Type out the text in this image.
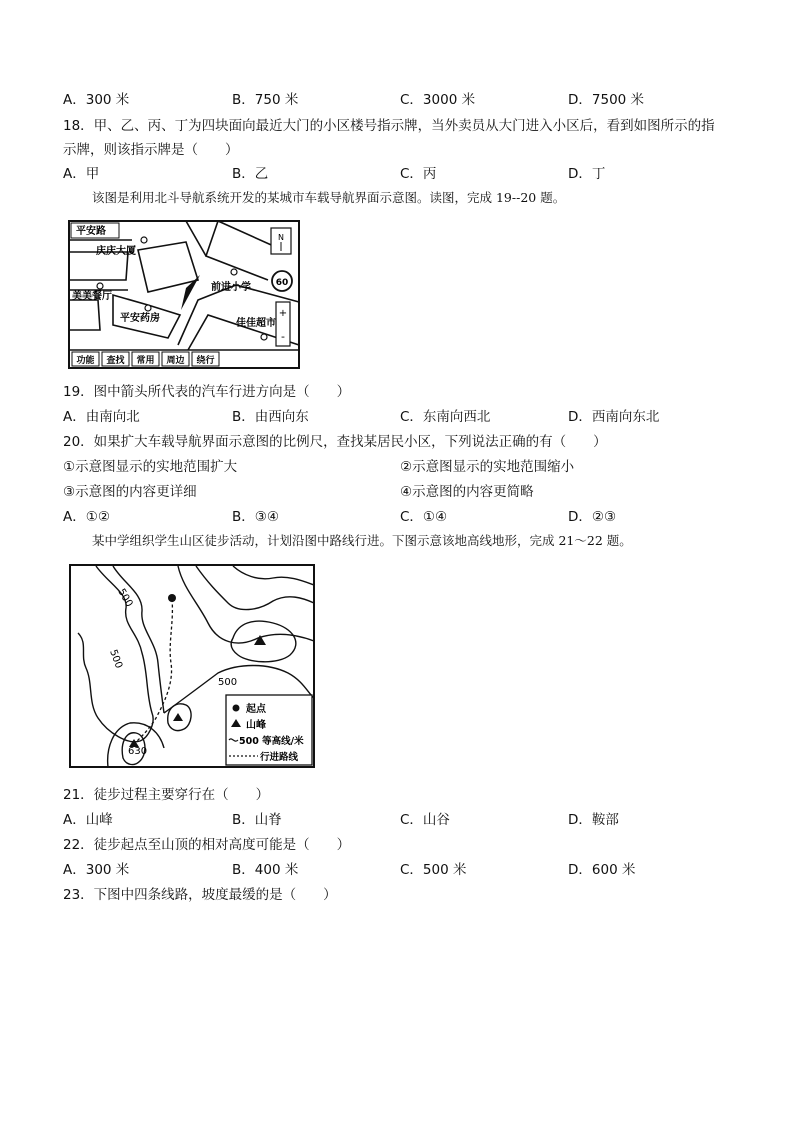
A．300 米	B．750 米	C．3000 米	D．7500 米
18．甲、乙、丙、丁为四块面向最近大门的小区楼号指示牌，当外卖员从大门进入小区后，看到如图所示的指
示牌，则该指示牌是（　　）
A．甲	B．乙	C．丙	D．丁
该图是利用北斗导航系统开发的某城市车载导航界面示意图。读图，完成 19--20 题。
平安路
庆庆大厦
美美餐厅
平安药房
前进小学
佳佳超市
N
60
+
-
功能 查找 常用 周边 绕行
19．图中箭头所代表的汽车行进方向是（　　）
A．由南向北	B．由西向东	C．东南向西北	D．西南向东北
20．如果扩大车载导航界面示意图的比例尺，查找某居民小区，下列说法正确的有（　　）
①示意图显示的实地范围扩大	②示意图显示的实地范围缩小
③示意图的内容更详细	④示意图的内容更简略
A．①②	B．③④	C．①④	D．②③
某中学组织学生山区徒步活动，计划沿图中路线行进。下图示意该地高线地形，完成 21～22 题。
500
500
500
630
起点
山峰
500 等高线/米
行进路线
21．徒步过程主要穿行在（　　）
A．山峰	B．山脊	C．山谷	D．鞍部
22．徒步起点至山顶的相对高度可能是（　　）
A．300 米	B．400 米	C．500 米	D．600 米
23．下图中四条线路，坡度最缓的是（　　）
